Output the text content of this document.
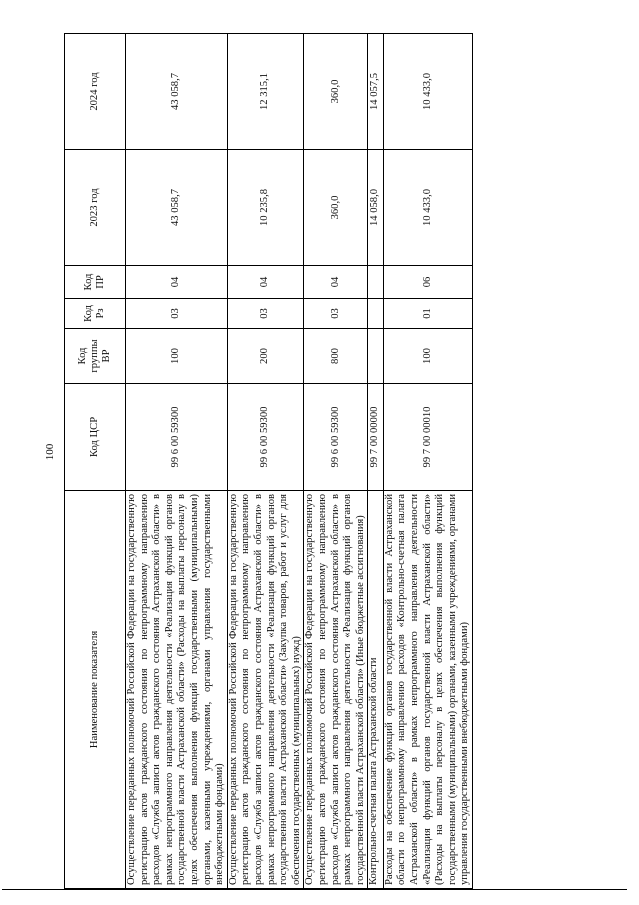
100
Наименование показателя	Код ЦСР	Код группы ВР	Код Рз	Код ПР	2023 год	2024 год
Осуществление переданных полномочий Российской Федерации на государственную регистрацию актов гражданского состояния по непрограммному направлению расходов «Служба записи актов гражданского состояния Астраханской области» в рамках непрограммного направления деятельности «Реализация функций органов государственной власти Астраханской области» (Расходы на выплаты персоналу в целях обеспечения выполнения функций государственными (муниципальными) органами, казенными учреждениями, органами управления государственными внебюджетными фондами)	99 6 00 59300	100	03	04	43 058,7	43 058,7
Осуществление переданных полномочий Российской Федерации на государственную регистрацию актов гражданского состояния по непрограммному направлению расходов «Служба записи актов гражданского состояния Астраханской области» в рамках непрограммного направления деятельности «Реализация функций органов государственной власти Астраханской области» (Закупка товаров, работ и услуг для обеспечения государственных (муниципальных) нужд)	99 6 00 59300	200	03	04	10 235,8	12 315,1
Осуществление переданных полномочий Российской Федерации на государственную регистрацию актов гражданского состояния по непрограммному направлению расходов «Служба записи актов гражданского состояния Астраханской области» в рамках непрограммного направления деятельности «Реализация функций органов государственной власти Астраханской области» (Иные бюджетные ассигнования)	99 6 00 59300	800	03	04	360,0	360,0
Контрольно-счетная палата Астраханской области	99 7 00 00000				14 058,0	14 057,5
Расходы на обеспечение функций органов государственной власти Астраханской области по непрограммному направлению расходов «Контрольно-счетная палата Астраханской области» в рамках непрограммного направления деятельности «Реализация функций органов государственной власти Астраханской области» (Расходы на выплаты персоналу в целях обеспечения выполнения функций государственными (муниципальными) органами, казенными учреждениями, органами управления государственными внебюджетными фондами)	99 7 00 00010	100	01	06	10 433,0	10 433,0
